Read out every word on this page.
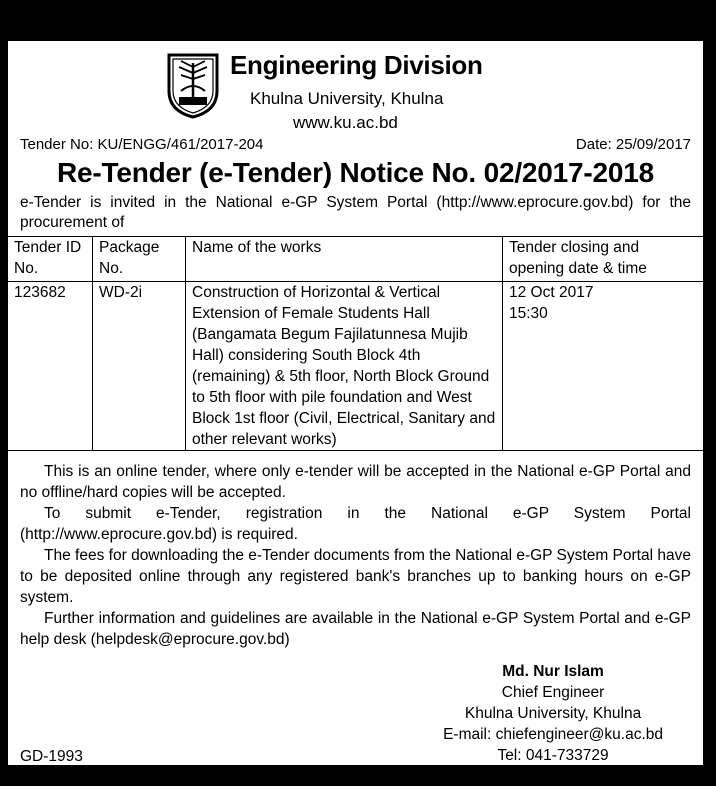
Engineering Division
Khulna University, Khulna
www.ku.ac.bd
Tender No: KU/ENGG/461/2017-204	Date: 25/09/2017
Re-Tender (e-Tender) Notice No. 02/2017-2018
e-Tender is invited in the National e-GP System Portal (http://www.eprocure.gov.bd) for the procurement of
Tender ID No.	Package No.	Name of the works	Tender closing and opening date & time
123682	WD-2i	Construction of Horizontal & Vertical Extension of Female Students Hall (Bangamata Begum Fajilatunnesa Mujib Hall) considering South Block 4th (remaining) & 5th floor, North Block Ground to 5th floor with pile foundation and West Block 1st floor (Civil, Electrical, Sanitary and other relevant works)	12 Oct 2017
15:30

This is an online tender, where only e-tender will be accepted in the National e-GP Portal and no offline/hard copies will be accepted.

To submit e-Tender, registration in the National e-GP System Portal (http://www.eprocure.gov.bd) is required.

The fees for downloading the e-Tender documents from the National e-GP System Portal have to be deposited online through any registered bank's branches up to banking hours on e-GP system.

Further information and guidelines are available in the National e-GP System Portal and e-GP help desk (helpdesk@eprocure.gov.bd)

Md. Nur Islam
Chief Engineer
Khulna University, Khulna
E-mail: chiefengineer@ku.ac.bd
Tel: 041-733729
GD-1993
